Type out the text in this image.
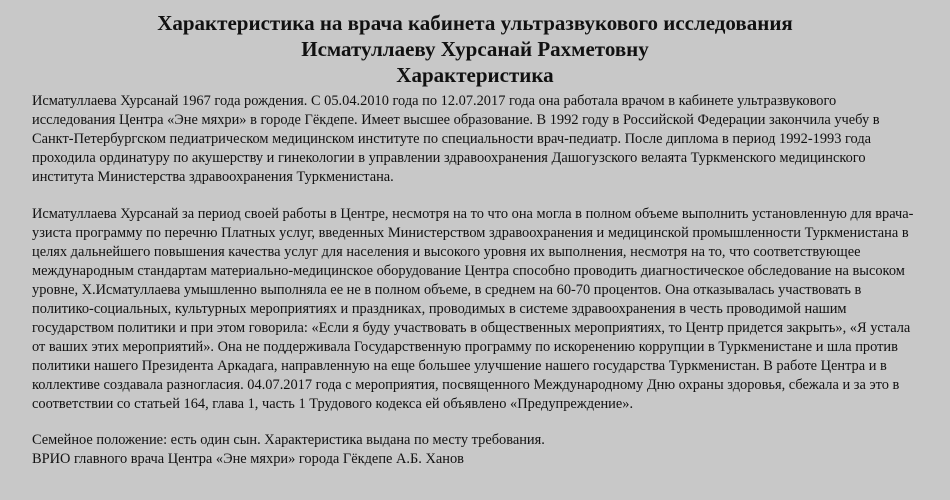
Характеристика на врача кабинета ультразвукового исследования
Исматуллаеву Хурсанай Рахметовну
Характеристика

Исматуллаева Хурсанай 1967 года рождения. С 05.04.2010 года по 12.07.2017 года она работала врачом в кабинете ультразвукового исследования Центра «Эне мяхри» в городе Гёкдепе. Имеет высшее образование. В 1992 году в Российской Федерации закончила учебу в Санкт-Петербургском педиатрическом медицинском институте по специальности врач-педиатр. После диплома в период 1992-1993 года проходила ординатуру по акушерству и гинекологии в управлении здравоохранения Дашогузского велаята Туркменского медицинского института Министерства здравоохранения Туркменистана.

Исматуллаева Хурсанай за период своей работы в Центре, несмотря на то что она могла в полном объеме выполнить установленную для врача-узиста программу по перечню Платных услуг, введенных Министерством здравоохранения и медицинской промышленности Туркменистана в целях дальнейшего повышения качества услуг для населения и высокого уровня их выполнения, несмотря на то, что соответствующее международным стандартам материально-медицинское оборудование Центра способно проводить диагностическое обследование на высоком уровне, Х.Исматуллаева умышленно выполняла ее не в полном объеме, в среднем на 60-70 процентов. Она отказывалась участвовать в политико-социальных, культурных мероприятиях и праздниках, проводимых в системе здравоохранения в честь проводимой нашим государством политики и при этом говорила: «Если я буду участвовать в общественных мероприятиях, то Центр придется закрыть», «Я устала от ваших этих мероприятий». Она не поддерживала Государственную программу по искоренению коррупции в Туркменистане и шла против политики нашего Президента Аркадага, направленную на еще большее улучшение нашего государства Туркменистан. В работе Центра и в коллективе создавала разногласия. 04.07.2017 года с мероприятия, посвященного Международному Дню охраны здоровья, сбежала и за это в соответствии со статьей 164, глава 1, часть 1 Трудового кодекса ей объявлено «Предупреждение».

Семейное положение: есть один сын. Характеристика выдана по месту требования.

ВРИО главного врача Центра «Эне мяхри» города Гёкдепе А.Б. Ханов
